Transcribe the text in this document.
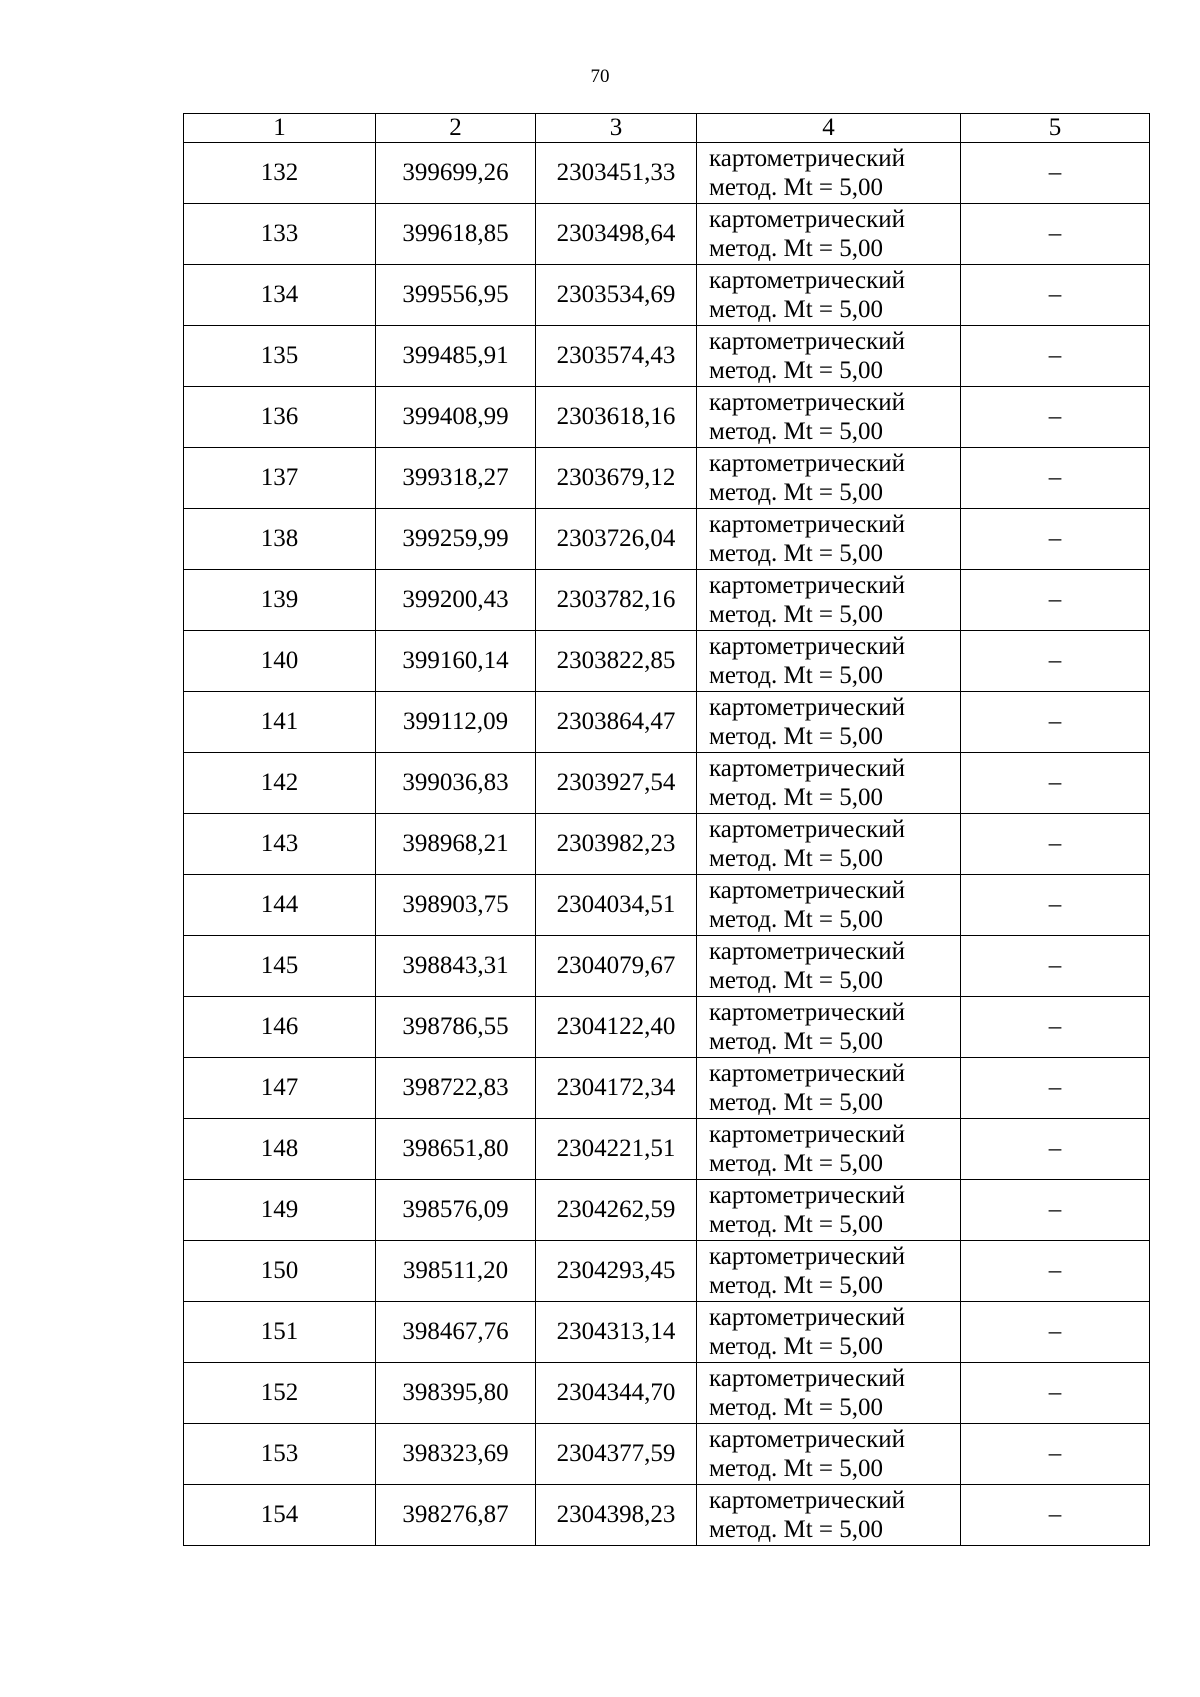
70
1	2	3	4	5
132	399699,26	2303451,33	картометрический
метод. Mt = 5,00	–
133	399618,85	2303498,64	картометрический
метод. Mt = 5,00	–
134	399556,95	2303534,69	картометрический
метод. Mt = 5,00	–
135	399485,91	2303574,43	картометрический
метод. Mt = 5,00	–
136	399408,99	2303618,16	картометрический
метод. Mt = 5,00	–
137	399318,27	2303679,12	картометрический
метод. Mt = 5,00	–
138	399259,99	2303726,04	картометрический
метод. Mt = 5,00	–
139	399200,43	2303782,16	картометрический
метод. Mt = 5,00	–
140	399160,14	2303822,85	картометрический
метод. Mt = 5,00	–
141	399112,09	2303864,47	картометрический
метод. Mt = 5,00	–
142	399036,83	2303927,54	картометрический
метод. Mt = 5,00	–
143	398968,21	2303982,23	картометрический
метод. Mt = 5,00	–
144	398903,75	2304034,51	картометрический
метод. Mt = 5,00	–
145	398843,31	2304079,67	картометрический
метод. Mt = 5,00	–
146	398786,55	2304122,40	картометрический
метод. Mt = 5,00	–
147	398722,83	2304172,34	картометрический
метод. Mt = 5,00	–
148	398651,80	2304221,51	картометрический
метод. Mt = 5,00	–
149	398576,09	2304262,59	картометрический
метод. Mt = 5,00	–
150	398511,20	2304293,45	картометрический
метод. Mt = 5,00	–
151	398467,76	2304313,14	картометрический
метод. Mt = 5,00	–
152	398395,80	2304344,70	картометрический
метод. Mt = 5,00	–
153	398323,69	2304377,59	картометрический
метод. Mt = 5,00	–
154	398276,87	2304398,23	картометрический
метод. Mt = 5,00	–
